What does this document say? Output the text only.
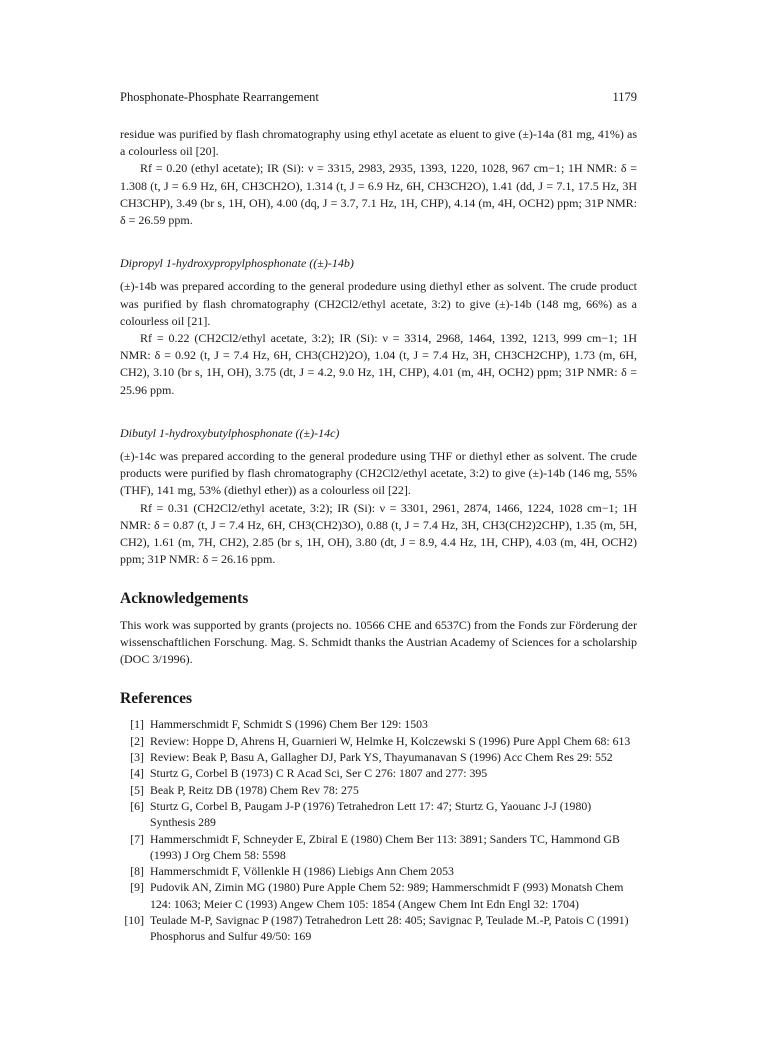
Phosphonate-Phosphate Rearrangement	1179

residue was purified by flash chromatography using ethyl acetate as eluent to give (±)-14a (81 mg, 41%) as a colourless oil [20].

Rf = 0.20 (ethyl acetate); IR (Si): ν = 3315, 2983, 2935, 1393, 1220, 1028, 967 cm−1; 1H NMR: δ = 1.308 (t, J = 6.9 Hz, 6H, CH3CH2O), 1.314 (t, J = 6.9 Hz, 6H, CH3CH2O), 1.41 (dd, J = 7.1, 17.5 Hz, 3H CH3CHP), 3.49 (br s, 1H, OH), 4.00 (dq, J = 3.7, 7.1 Hz, 1H, CHP), 4.14 (m, 4H, OCH2) ppm; 31P NMR: δ = 26.59 ppm.

Dipropyl 1-hydroxypropylphosphonate ((±)-14b)

(±)-14b was prepared according to the general prodedure using diethyl ether as solvent. The crude product was purified by flash chromatography (CH2Cl2/ethyl acetate, 3:2) to give (±)-14b (148 mg, 66%) as a colourless oil [21].

Rf = 0.22 (CH2Cl2/ethyl acetate, 3:2); IR (Si): ν = 3314, 2968, 1464, 1392, 1213, 999 cm−1; 1H NMR: δ = 0.92 (t, J = 7.4 Hz, 6H, CH3(CH2)2O), 1.04 (t, J = 7.4 Hz, 3H, CH3CH2CHP), 1.73 (m, 6H, CH2), 3.10 (br s, 1H, OH), 3.75 (dt, J = 4.2, 9.0 Hz, 1H, CHP), 4.01 (m, 4H, OCH2) ppm; 31P NMR: δ = 25.96 ppm.

Dibutyl 1-hydroxybutylphosphonate ((±)-14c)

(±)-14c was prepared according to the general prodedure using THF or diethyl ether as solvent. The crude products were purified by flash chromatography (CH2Cl2/ethyl acetate, 3:2) to give (±)-14b (146 mg, 55% (THF), 141 mg, 53% (diethyl ether)) as a colourless oil [22].

Rf = 0.31 (CH2Cl2/ethyl acetate, 3:2); IR (Si): ν = 3301, 2961, 2874, 1466, 1224, 1028 cm−1; 1H NMR: δ = 0.87 (t, J = 7.4 Hz, 6H, CH3(CH2)3O), 0.88 (t, J = 7.4 Hz, 3H, CH3(CH2)2CHP), 1.35 (m, 5H, CH2), 1.61 (m, 7H, CH2), 2.85 (br s, 1H, OH), 3.80 (dt, J = 8.9, 4.4 Hz, 1H, CHP), 4.03 (m, 4H, OCH2) ppm; 31P NMR: δ = 26.16 ppm.

Acknowledgements

This work was supported by grants (projects no. 10566 CHE and 6537C) from the Fonds zur Förderung der wissenschaftlichen Forschung. Mag. S. Schmidt thanks the Austrian Academy of Sciences for a scholarship (DOC 3/1996).

References

[1] Hammerschmidt F, Schmidt S (1996) Chem Ber 129: 1503
[2] Review: Hoppe D, Ahrens H, Guarnieri W, Helmke H, Kolczewski S (1996) Pure Appl Chem 68: 613
[3] Review: Beak P, Basu A, Gallagher DJ, Park YS, Thayumanavan S (1996) Acc Chem Res 29: 552
[4] Sturtz G, Corbel B (1973) C R Acad Sci, Ser C 276: 1807 and 277: 395
[5] Beak P, Reitz DB (1978) Chem Rev 78: 275
[6] Sturtz G, Corbel B, Paugam J-P (1976) Tetrahedron Lett 17: 47; Sturtz G, Yaouanc J-J (1980) Synthesis 289
[7] Hammerschmidt F, Schneyder E, Zbiral E (1980) Chem Ber 113: 3891; Sanders TC, Hammond GB (1993) J Org Chem 58: 5598
[8] Hammerschmidt F, Völlenkle H (1986) Liebigs Ann Chem 2053
[9] Pudovik AN, Zimin MG (1980) Pure Apple Chem 52: 989; Hammerschmidt F (993) Monatsh Chem 124: 1063; Meier C (1993) Angew Chem 105: 1854 (Angew Chem Int Edn Engl 32: 1704)
[10] Teulade M-P, Savignac P (1987) Tetrahedron Lett 28: 405; Savignac P, Teulade M.-P, Patois C (1991) Phosphorus and Sulfur 49/50: 169
